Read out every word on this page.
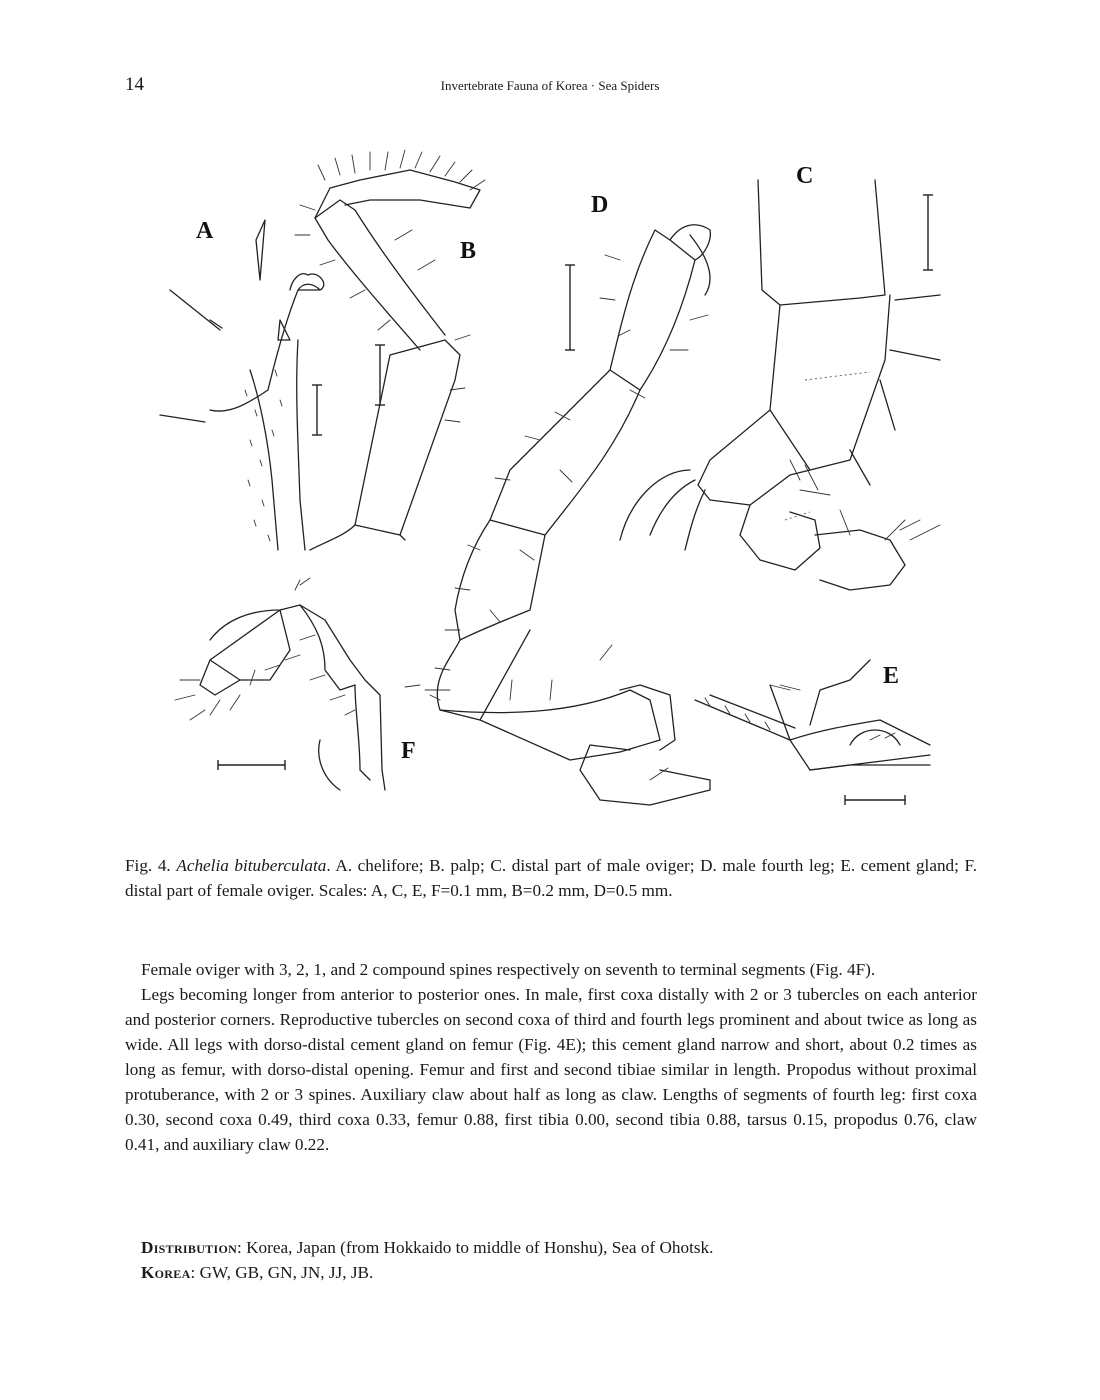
14	Invertebrate Fauna of Korea · Sea Spiders
A
B
C
D
E
F
Fig. 4. Achelia bituberculata. A. chelifore; B. palp; C. distal part of male oviger; D. male fourth leg; E. cement gland; F. distal part of female oviger. Scales: A, C, E, F=0.1 mm, B=0.2 mm, D=0.5 mm.

Female oviger with 3, 2, 1, and 2 compound spines respectively on seventh to terminal segments (Fig. 4F).

Legs becoming longer from anterior to posterior ones. In male, first coxa distally with 2 or 3 tubercles on each anterior and posterior corners. Reproductive tubercles on second coxa of third and fourth legs prominent and about twice as long as wide. All legs with dorso-distal cement gland on femur (Fig. 4E); this cement gland narrow and short, about 0.2 times as long as femur, with dorso-distal opening. Femur and first and second tibiae similar in length. Propodus without proximal protuberance, with 2 or 3 spines. Auxiliary claw about half as long as claw. Lengths of segments of fourth leg: first coxa 0.30, second coxa 0.49, third coxa 0.33, femur 0.88, first tibia 0.00, second tibia 0.88, tarsus 0.15, propodus 0.76, claw 0.41, and auxiliary claw 0.22.

Distribution: Korea, Japan (from Hokkaido to middle of Honshu), Sea of Ohotsk.

Korea: GW, GB, GN, JN, JJ, JB.
